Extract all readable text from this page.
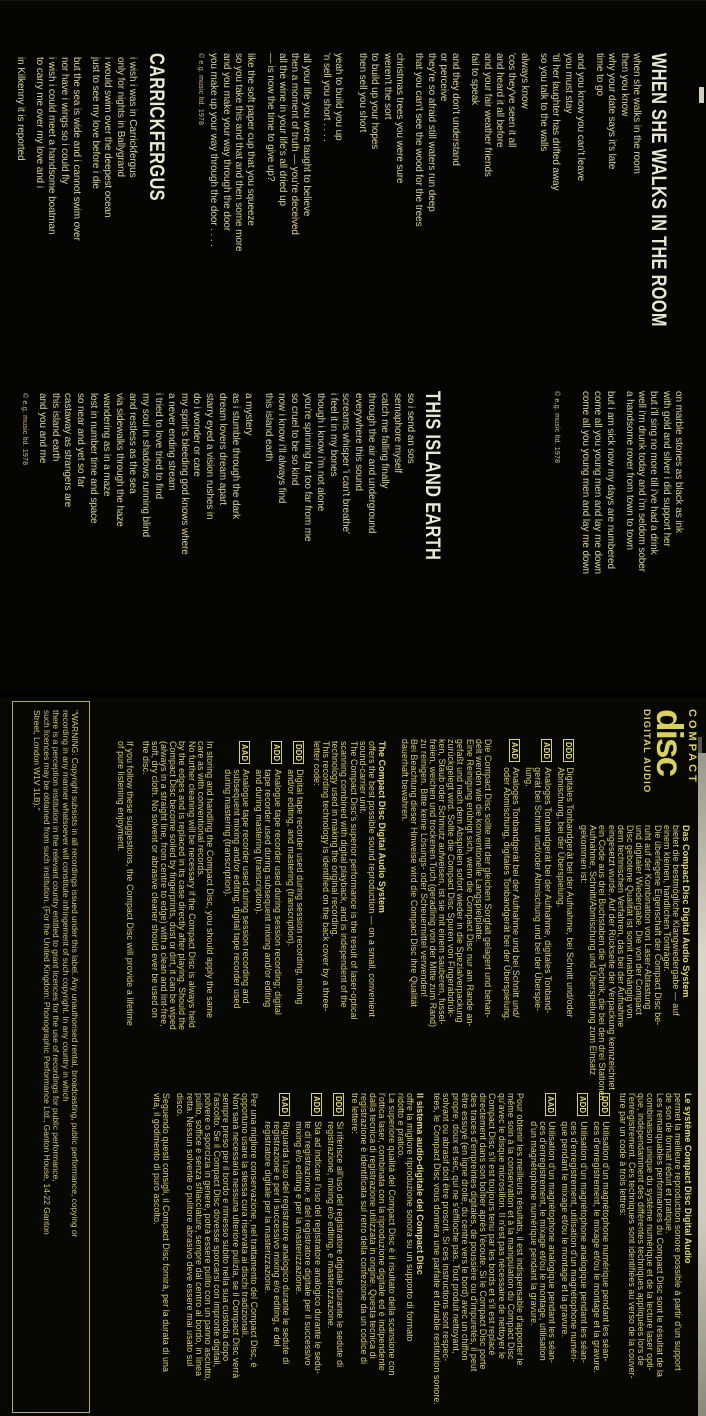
WHEN SHE WALKS IN THE ROOM
when she walks in the room
then you know
why your date says it's late
time to go
and you know you can't leave
you must stay
'til her laughter has drifted away
so you talk to the walls
always know
'cos they've seen it all
and heard it all before
and your fair weather friends
fail to speak
and they don't understand
or perceive
they're so afraid still waters run deep
that you can't see the wood for the trees
christmas trees you were sure
weren't the sort
to build up your hopes
then sell you short
yeah to build you up
'n sell you short . . . .
all your life you were taught to believe
then a moment of truth — you're deceived
all the wine in your life's all dried up
— is now the time to give up?
like the soft paper cup that you squeeze
so you take this and that and then some more
and you make your way through the door
you make up your way through the door . . . .
© e.g. music ltd. 1978
CARRICKFERGUS
i wish i was in Carrickfergus
only for nights in Ballygrand
i would swim over the deepest ocean
just to see my love before i die
but the sea is wide and i cannot swim over
nor have i wings so i could fly
i wish i could meet a handsome boatman
to carry me over my love and i
in Kilkenny it is reported
on marble stones as black as ink
with gold and silver i did support her
but i'll sing no more till i've had a drink
well i'm drunk today and i'm seldom sober
a handsome rover from town to town
but i am sick now my days are numbered
come all you young men and lay me down
come all you young men and lay me down
© e.g. music ltd. 1978
THIS ISLAND EARTH
so i send an sos
semaphore myself
catch me falling finally
through the air and underground
everywhere this sound
screams whisper 'i can't breathe'
i feel it in my bones
though i know i'm not alone
you're spinning far too far from me
so cruel to be so kind
now i know i'll always find
this island earth
a mystery
as i stumble through the dark
dream lovers dream apart
starry eyed a vision rushes in
do i wonder or care
my spirit's bleeding god knows where
a never ending stream
i tried to love tried to find
my soul in shadows running blind
and restless as the sea
via sidewalks through the haze
wandering as in a maze
lost in number time and space
so near and yet so far
castaway as strangers are
this island earth
and you and me
© e.g. music ltd. 1978
COMPACT
disc
DIGITAL AUDIO
Das Compact Disc Digital Audio System
bietet die bestmögliche Klangwiedergabe — auf
einem kleinen, handlichen Tonträger.
Die überlegene Eigenschaft der Compact Disc be-
ruht auf der Kombination von Laser-Abtastung
und digitaler Wiedergabe. Die von der Compact
Disc gebotene Qualität ist somit unabhängig von
dem technischen Verfahren, das bei der Aufnahme
eingesetzt wurde. Auf der Rückseite der Verpackung kennzeichnet
ein Code aus drei Buchstaben die Technik, die bei den drei Stationen
Aufnahme, Schnitt/Abmischung und Überspielung zum Einsatz
gekommen ist:
DDD
Digitales Tonbandgerät bei der Aufnahme, bei Schnitt und/oder
Abmischung, bei der Überspielung.
ADD
Analoges Tonbandgerät bei der Aufnahme, digitales Tonband-
gerät bei Schnitt und/oder Abmischung und bei der Überspie-
lung.
AAD
Analoges Tonbandgerät bei der Aufnahme und bei Schnitt und/
oder Abmischung, digitales Tonbandgerät bei der Überspielung.
Die Compact Disc sollte mit der gleichen Sorgfalt gelagert und behan-
delt werden wie die konventionelle Langspielplatte.
Eine Reinigung erübrigt sich, wenn die Compact Disc nur am Rande an-
gefaßt und nach dem Abspielen sofort wieder in die Spezialverpackung
zurückgelegt wird. Sollte die Compact Disc Spuren von Fingerabdrük-
ken, Staub oder Schmutz aufweisen, ist sie mit einem sauberen, fussel-
freien, weichen und trockenen Tuch (geradlinig von der Mitte zum Rand)
zu reinigen. Bitte keine Lösungs- oder Scheuermittel verwenden!
Bei Beachtung dieser Hinweise wird die Compact Disc ihre Qualität
dauerhaft bewahren.
The Compact Disc Digital Audio System
offers the best possible sound reproduction — on a small, convenient
sound-carrier unit.
The Compact Disc's superior performance is the result of laser-optical
scanning combined with digital playback, and is independent of the
technology used in making the original recording.
This recording technology is identified on the back cover by a three-
letter code:
DDD
Digital tape recorder used during session recording, mixing
and/or editing, and mastering (transcription).
ADD
Analogue tape recorder used during session recording; digital
tape recorder used during subsequent mixing and/or editing
and during mastering (transcription).
AAD
Analogue tape recorder used during session recording and
subsequent mixing and/or editing; digital tape recorder used
during mastering (transcription).
In storing and handling the Compact Disc, you should apply the same
care as with conventional records.
No further cleaning will be necessary if the Compact Disc is always held
by the edges and is replaced in its case directly after playing. Should the
Compact Disc become soiled by fingerprints, dust or dirt, it can be wiped
(always in a straight line, from centre to edge) with a clean and lint-free,
soft, dry cloth. No solvent or abrasive cleaner should ever be used on
the disc.
If you follow these suggestions, the Compact Disc will provide a lifetime
of pure listening enjoyment.
Le système Compact Disc Digital Audio
permet la meilleure reproduction sonore possible à partir d'un support
de son de format réduit et pratique.
Les remarquables performances du Compact Disc sont le résultat de la
combinaison unique du système numérique et de la lecture laser opti-
que, indépendamment des différentes techniques appliquées lors de
l'enregistrement. Ces techniques sont identifiées au verso de la couver-
ture par un code à trois lettres:
DDD
Utilisation d'un magnétophone numérique pendant les séan-
ces d'enregistrement, le mixage et/ou le montage et la gravure.
ADD
Utilisation d'un magnétophone analogique pendant les séan-
ces d'enregistrement, utilisation d'un magnétophone numéri-
que pendant le mixage et/ou le montage et la gravure.
AAD
Utilisation d'un magnétophone analogique pendant les séan-
ces d'enregistrement, le mixage et/ou le montage, utilisation
d'un magnétophone numérique pendant la gravure.
Pour obtenir les meilleurs résultats, il est indispensable d'apporter le
même soin à la conservation et à la manipulation du Compact Disc
qu'avec le disque microsillon. Il n'est pas nécessaire de nettoyer le
Compact Disc s'il est toujours tenu par les bords et s'il est replacé
directement dans son boîtier après l'écoute. Si le Compact Disc porte
des traces d'empreintes digitales, de poussière ou d'impuretés, il peut
être essuyé (en ligne droite, du centre vers le bord) avec un chiffon
propre, doux et sec, qui ne s'effiloche pas. Tout produit nettoyant,
solvant ou abrasif doit être proscrit. Si ces instructions sont respec-
tées, le Compact Disc vous donnera une parfaite et durable restitution sonore.
Il sistema audio-digitale del Compact Disc
offre la migliore riproduzione sonora su un supporto di formato
ridotto e pratico.
La superiore qualità del Compact Disc è il risultato della scansione con
l'ottica laser, combinata con la riproduzione digitale ed è indipendente
dalla tecnica di registrazione utilizzata in origine. Questa tecnica di
registrazione è identificata sul retro della confezione da un codice di
tre lettere:
DDD
Si riferisce all'uso del registratore digitale durante le sedute di
registrazione, mixing e/o editing, e masterizzazione.
ADD
Sta ad indicare l'uso del registratore analogico durante le sedu-
te di registrazione, e del registratore digitale per il successivo
mixing e/o editing e per la masterizzazione.
AAD
Riguarda l'uso del registratore analogico durante le sedute di
registrazione e per il successivo mixing e/o editing, e del
registratore digitale per la masterizzazione.
Per una migliore conservazione, nel trattamento del Compact Disc, è
opportuno usare la stessa cura riservata ai dischi tradizionali.
Non sarà necessaria nessuna ulteriore pulizia, se il Compact Disc verrà
sempre preso per il bordo e rimesso subito nella sua custodia dopo
l'ascolto. Se il Compact Disc dovesse sporcarsi con impronte digitali,
polvere o sporcizia in genere, potrà essere pulito con un panno asciutto,
pulito, soffice e senza sfilacciature, sempre dal centro al bordo, in linea
retta. Nessun solvente o pulitore abrasivo deve essere mai usato sul
disco.
Seguendo questi consigli, il Compact Disc fornirà, per la durata di una
vita, il godimento di puro ascolto.
"WARNING: Copyright subsists in all recordings issued under this label. Any unauthorised rental, broadcasting, public performance, copying or
recording in any manner whatsoever will constitute infringement of such copyright. In any country in which
there is a perception institution in the relevant country entitled to grant licences for the use of recordings for public performance,
such licences may be obtained from such institution. (For the United Kingdom: Phonographic Performance Ltd., Ganton House, 14-22 Ganton
Street, London W1V 1LB)."
